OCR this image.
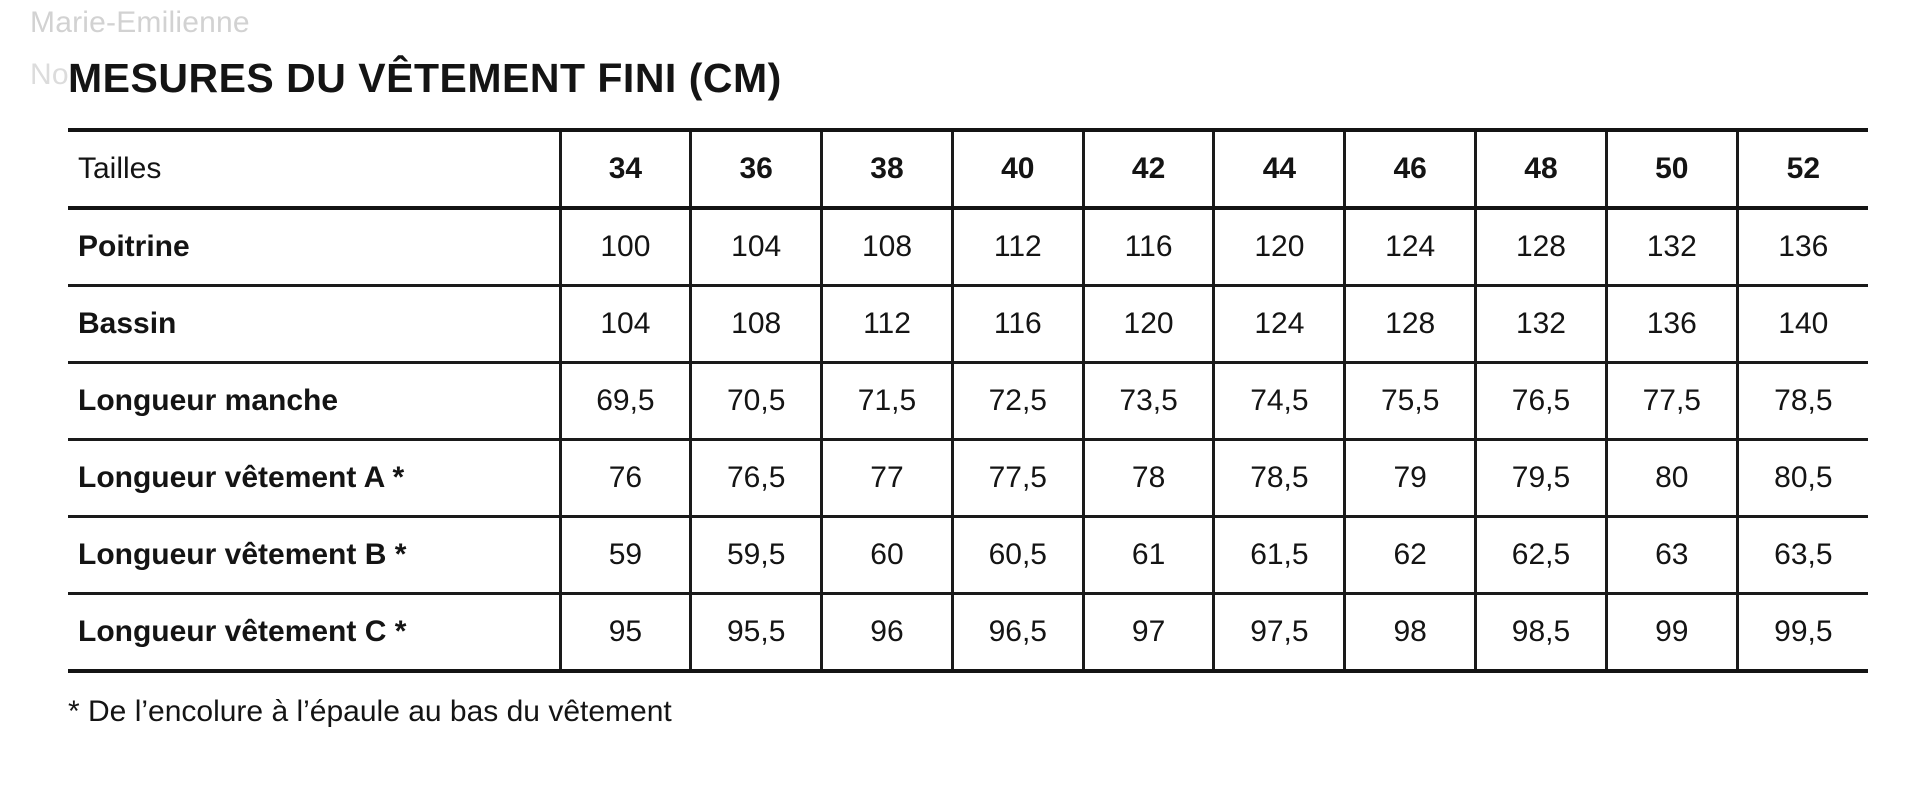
Marie-Emilienne
No MESURES DU VÊTEMENT FINI (CM)
Tailles	34	36	38	40	42	44	46	48	50	52
Poitrine	100	104	108	112	116	120	124	128	132	136
Bassin	104	108	112	116	120	124	128	132	136	140
Longueur manche	69,5	70,5	71,5	72,5	73,5	74,5	75,5	76,5	77,5	78,5
Longueur vêtement A *	76	76,5	77	77,5	78	78,5	79	79,5	80	80,5
Longueur vêtement B *	59	59,5	60	60,5	61	61,5	62	62,5	63	63,5
Longueur vêtement C *	95	95,5	96	96,5	97	97,5	98	98,5	99	99,5
* De l’encolure à l’épaule au bas du vêtement
